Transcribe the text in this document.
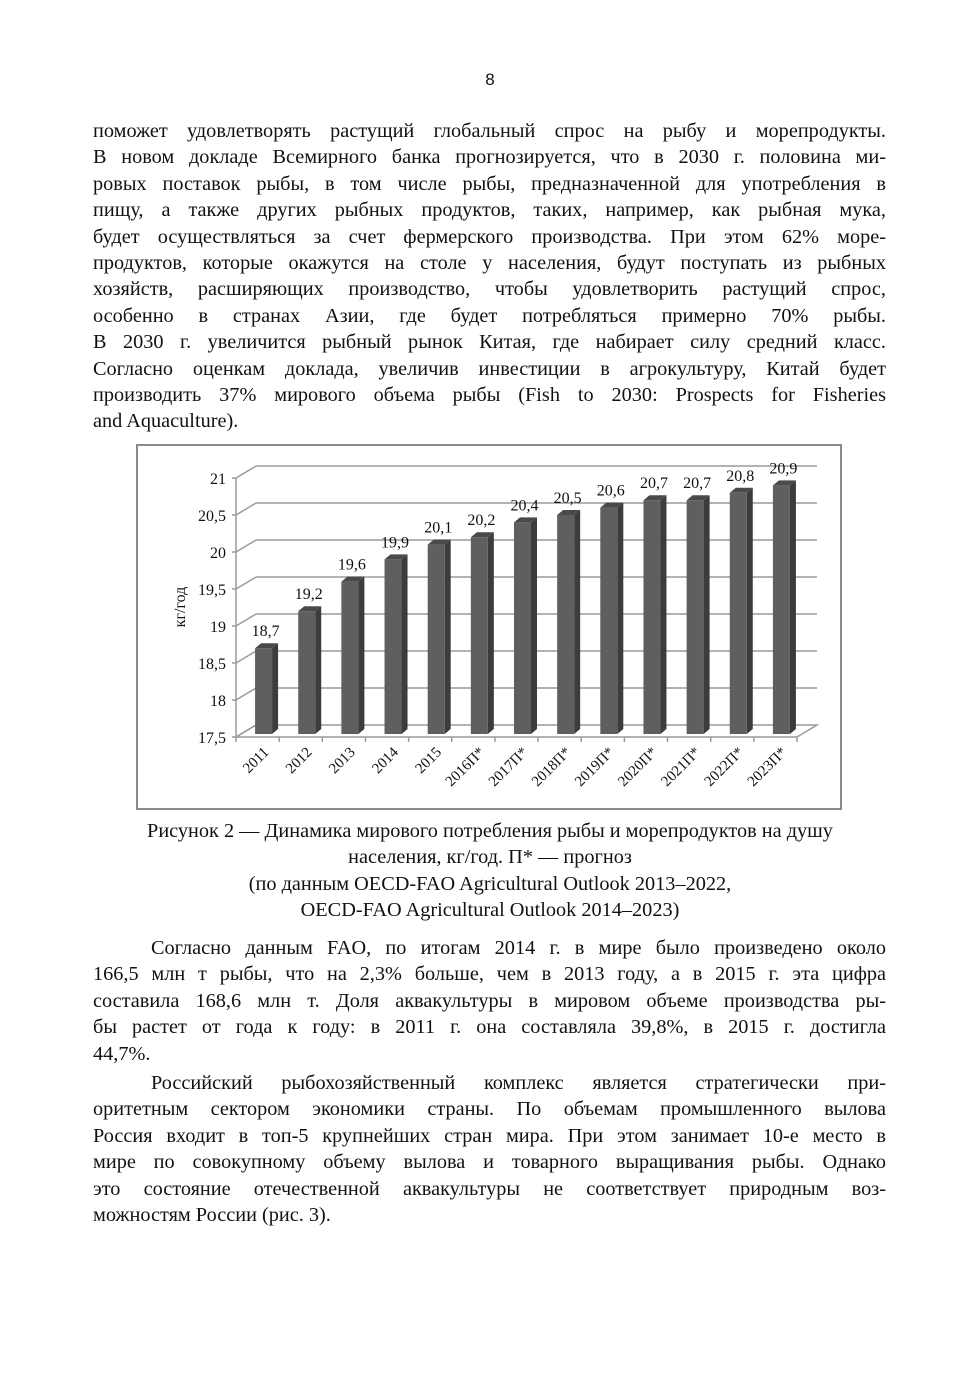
8
поможет удовлетворять растущий глобальный спрос на рыбу и морепродукты.
В новом докладе Всемирного банка прогнозируется, что в 2030 г. половина ми-
ровых поставок рыбы, в том числе рыбы, предназначенной для употребления в
пищу, а также других рыбных продуктов, таких, например, как рыбная мука,
будет осуществляться за счет фермерского производства. При этом 62% море-
продуктов, которые окажутся на столе у населения, будут поступать из рыбных
хозяйств, расширяющих производство, чтобы удовлетворить растущий спрос,
особенно в странах Азии, где будет потребляться примерно 70% рыбы.
В 2030 г. увеличится рыбный рынок Китая, где набирает силу средний класс.
Согласно оценкам доклада, увеличив инвестиции в агрокультуру, Китай будет
производить 37% мирового объема рыбы (Fish to 2030: Prospects for Fisheries
and Aquaculture).
17,5
18
18,5
19
19,5
20
20,5
21
кг/год
18,7
2011
19,2
2012
19,6
2013
19,9
2014
20,1
2015
20,2
2016П*
20,4
2017П*
20,5
2018П*
20,6
2019П*
20,7
2020П*
20,7
2021П*
20,8
2022П*
20,9
2023П*
Рисунок 2 — Динамика мирового потребления рыбы и морепродуктов на душу
населения, кг/год. П* — прогноз
(по данным OECD-FAO Agricultural Outlook 2013–2022,
OECD-FAO Agricultural Outlook 2014–2023)
Согласно данным FAO, по итогам 2014 г. в мире было произведено около
166,5 млн т рыбы, что на 2,3% больше, чем в 2013 году, а в 2015 г. эта цифра
составила 168,6 млн т. Доля аквакультуры в мировом объеме производства ры-
бы растет от года к году: в 2011 г. она составляла 39,8%, в 2015 г. достигла
44,7%.
Российский рыбохозяйственный комплекс является стратегически при-
оритетным сектором экономики страны. По объемам промышленного вылова
Россия входит в топ-5 крупнейших стран мира. При этом занимает 10-е место в
мире по совокупному объему вылова и товарного выращивания рыбы. Однако
это состояние отечественной аквакультуры не соответствует природным воз-
можностям России (рис. 3).
